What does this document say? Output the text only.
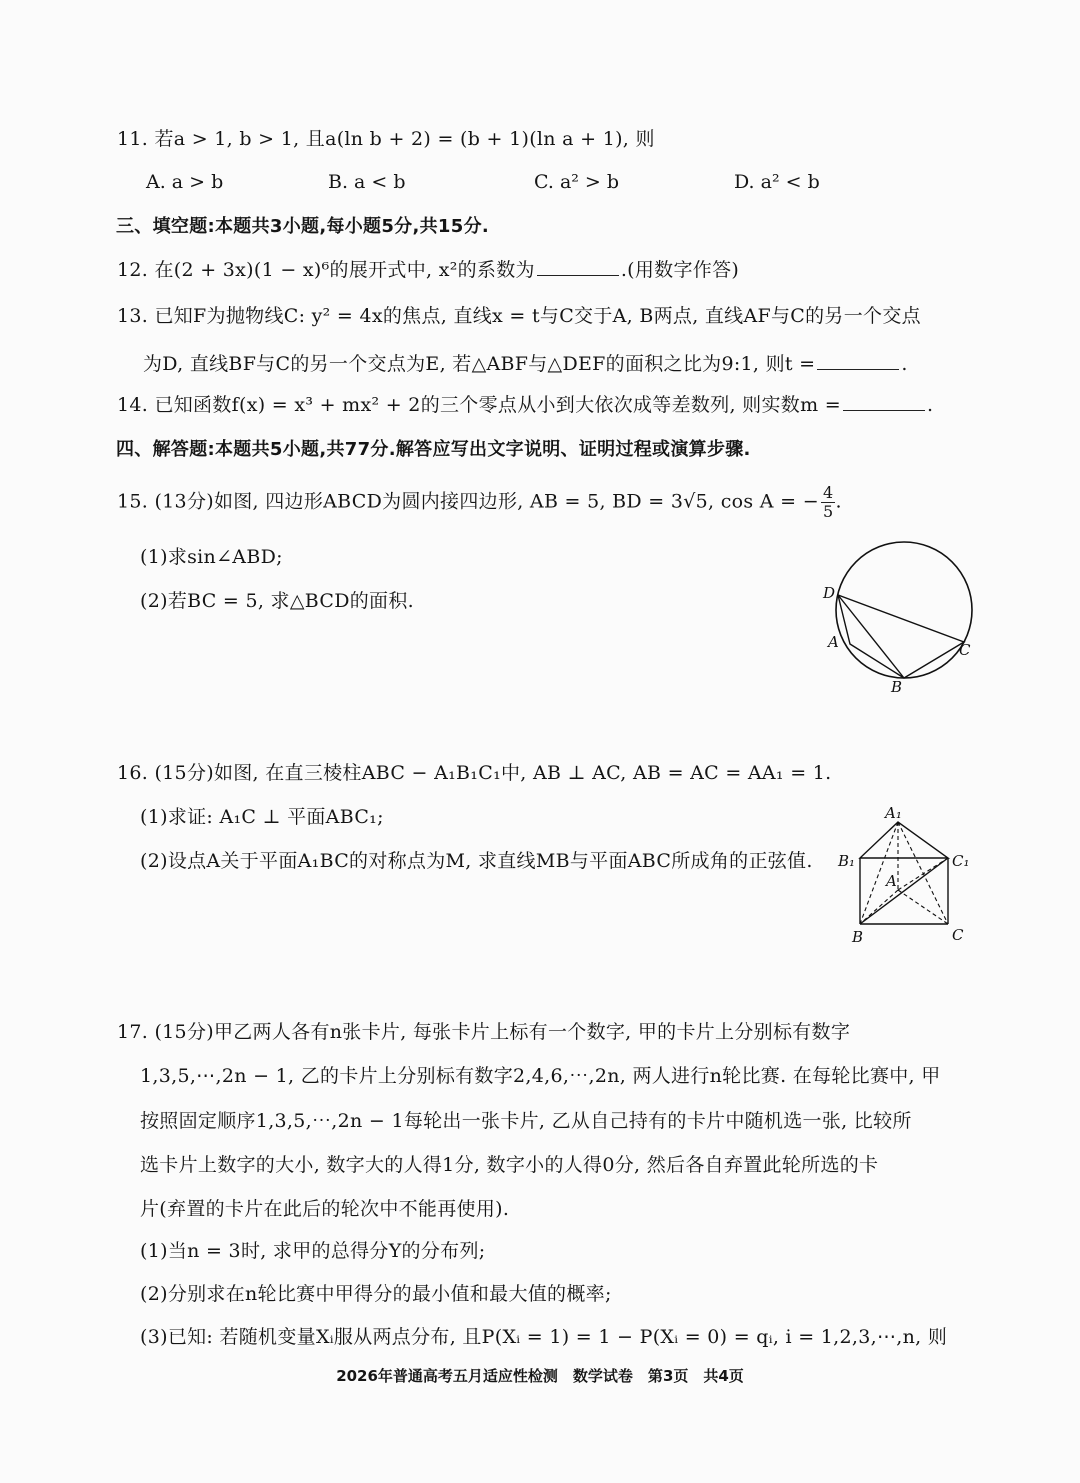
11. 若a > 1, b > 1, 且a(ln b + 2) = (b + 1)(ln a + 1), 则
A. a > b	B. a < b	C. a² > b	D. a² < b
三、填空题:本题共3小题,每小题5分,共15分.
12. 在(2 + 3x)(1 − x)⁶的展开式中, x²的系数为	.(用数字作答)
13. 已知F为抛物线C: y² = 4x的焦点, 直线x = t与C交于A, B两点, 直线AF与C的另一个交点
为D, 直线BF与C的另一个交点为E, 若△ABF与△DEF的面积之比为9:1, 则t =	.
14. 已知函数f(x) = x³ + mx² + 2的三个零点从小到大依次成等差数列, 则实数m =	.
四、解答题:本题共5小题,共77分.解答应写出文字说明、证明过程或演算步骤.
15. (13分)如图, 四边形ABCD为圆内接四边形, AB = 5, BD = 3√5, cos A = − $\frac{4}{5}$ .
(1)求sin∠ABD;
(2)若BC = 5, 求△BCD的面积.	D
A	C
B
16. (15分)如图, 在直三棱柱ABC − A₁B₁C₁中, AB ⊥ AC, AB = AC = AA₁ = 1.
(1)求证: A₁C ⊥ 平面ABC₁;
(2)设点A关于平面A₁BC的对称点为M, 求直线MB与平面ABC所成角的正弦值.
A₁
B₁	C₁
A
B	C
17. (15分)甲乙两人各有n张卡片, 每张卡片上标有一个数字, 甲的卡片上分别标有数字
1,3,5,⋯,2n − 1, 乙的卡片上分别标有数字2,4,6,⋯,2n, 两人进行n轮比赛. 在每轮比赛中, 甲
按照固定顺序1,3,5,⋯,2n − 1每轮出一张卡片, 乙从自己持有的卡片中随机选一张, 比较所
选卡片上数字的大小, 数字大的人得1分, 数字小的人得0分, 然后各自弃置此轮所选的卡
片(弃置的卡片在此后的轮次中不能再使用).
(1)当n = 3时, 求甲的总得分Y的分布列;
(2)分别求在n轮比赛中甲得分的最小值和最大值的概率;
(3)已知: 若随机变量Xᵢ服从两点分布, 且P(Xᵢ = 1) = 1 − P(Xᵢ = 0) = qᵢ, i = 1,2,3,⋯,n, 则
2026年普通高考五月适应性检测　数学试卷　第3页　共4页
